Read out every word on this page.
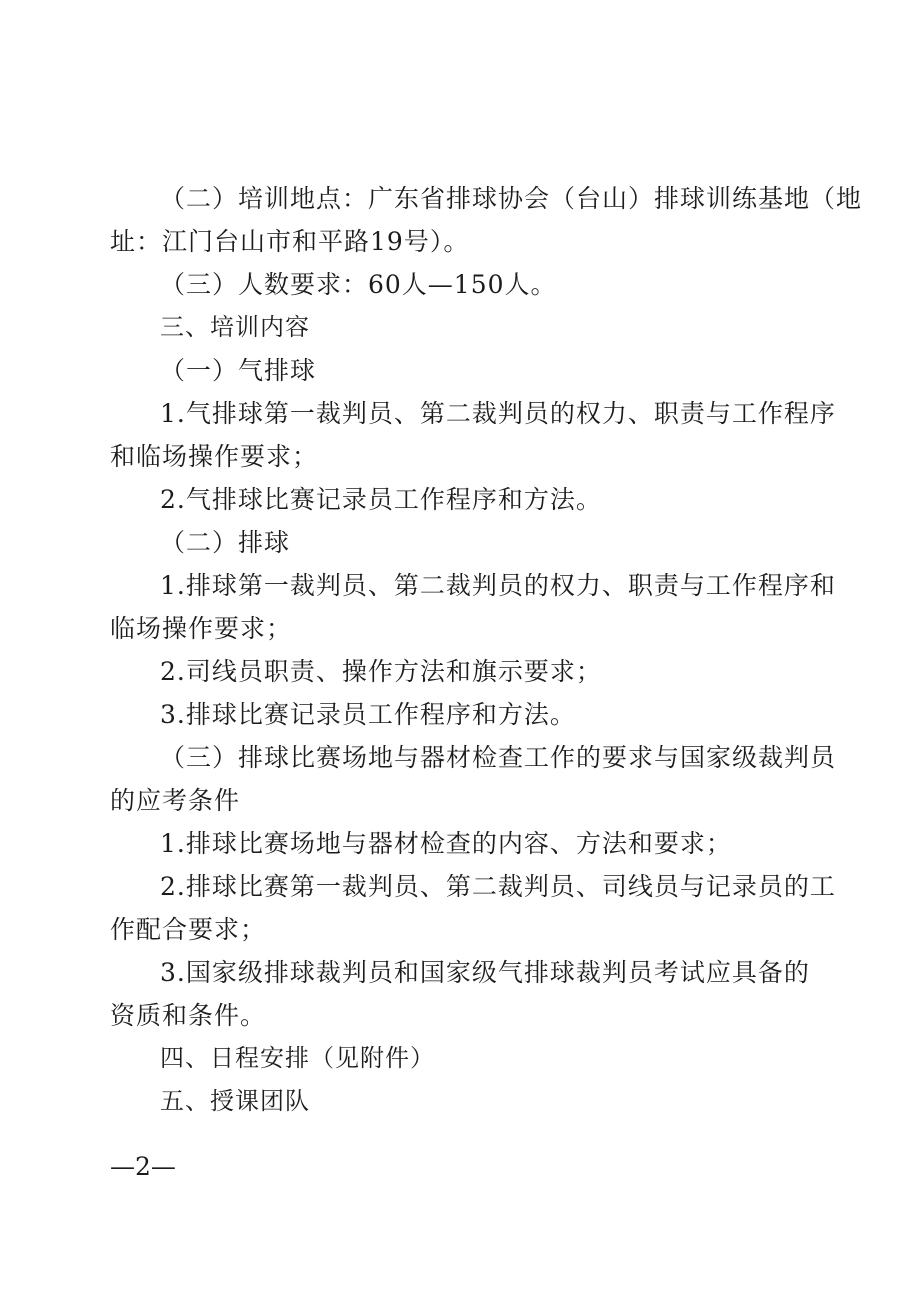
（二）培训地点：广东省排球协会（台山）排球训练基地（地
址：江门台山市和平路19号）。
（三）人数要求：60人—150人。
三、培训内容
（一）气排球
1.气排球第一裁判员、第二裁判员的权力、职责与工作程序
和临场操作要求；
2.气排球比赛记录员工作程序和方法。
（二）排球
1.排球第一裁判员、第二裁判员的权力、职责与工作程序和
临场操作要求；
2.司线员职责、操作方法和旗示要求；
3.排球比赛记录员工作程序和方法。
（三）排球比赛场地与器材检查工作的要求与国家级裁判员
的应考条件
1.排球比赛场地与器材检查的内容、方法和要求；
2.排球比赛第一裁判员、第二裁判员、司线员与记录员的工
作配合要求；
3.国家级排球裁判员和国家级气排球裁判员考试应具备的
资质和条件。
四、日程安排（见附件）
五、授课团队
—2—
